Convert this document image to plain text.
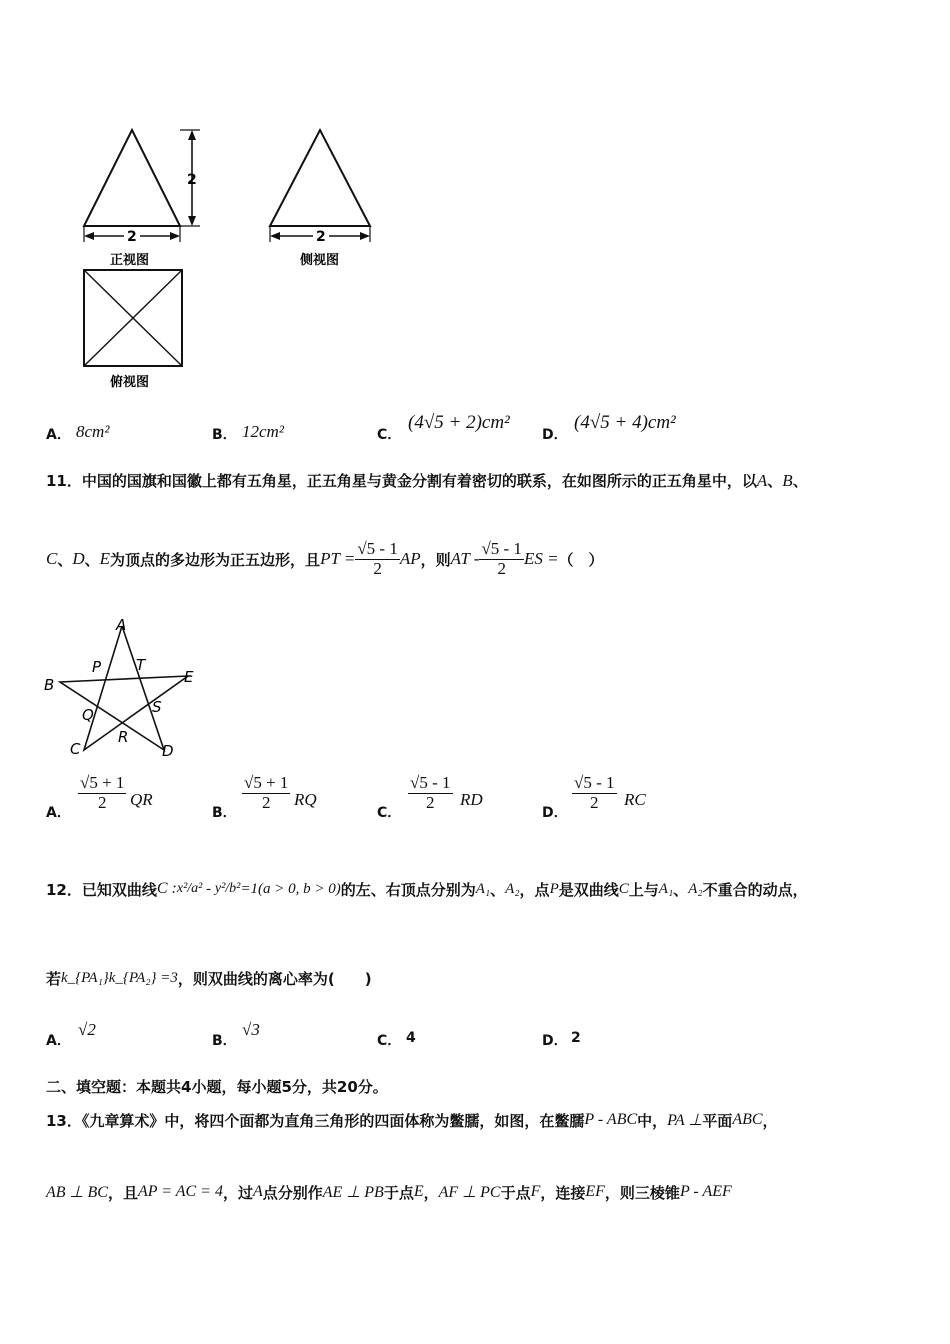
2
2
正视图
2
侧视图
俯视图
A． 8cm²	B． 12cm²	C．
(4√5 + 2)cm²
D．
(4√5 + 4)cm²
11．中国的国旗和国徽上都有五角星，正五角星与黄金分割有着密切的联系，在如图所示的正五角星中，以A、B、
C 、 D 、 E 为顶点的多边形为正五边形，且 PT = $\frac{√5 - 1}{2}$ AP ，则 AT - $\frac{√5 - 1}{2}$ ES = （　）
A
B	E
C	D
P T
Q	S
R
A．
$\frac{√5 + 1}{2}$ QR
B．
$\frac{√5 + 1}{2}$ RQ
C．
$\frac{√5 - 1}{2}$ RD
D．
$\frac{√5 - 1}{2}$ RC
12．已知双曲线 C : x²/a² - y²/b² =1(a > 0, b > 0) 的左、右顶点分别为 A₁ 、 A₂ ，点 P 是双曲线 C 上与 A₁ 、 A₂ 不重合的动点，
若 k_{PA₁}k_{PA₂} =3 ，则双曲线的离心率为(　　)
A．
√2
B．
√3
C． 4	D． 2
二、填空题：本题共4小题，每小题5分，共20分。
13．《九章算术》中，将四个面都为直角三角形的四面体称为鳖臑，如图，在鳖臑 P - ABC 中， PA ⊥ 平面 ABC ，
AB ⊥ BC ，且 AP = AC = 4 ，过 A 点分别作 AE ⊥ PB 于点 E ， AF ⊥ PC 于点 F ，连接 EF ，则三棱锥 P - AEF
